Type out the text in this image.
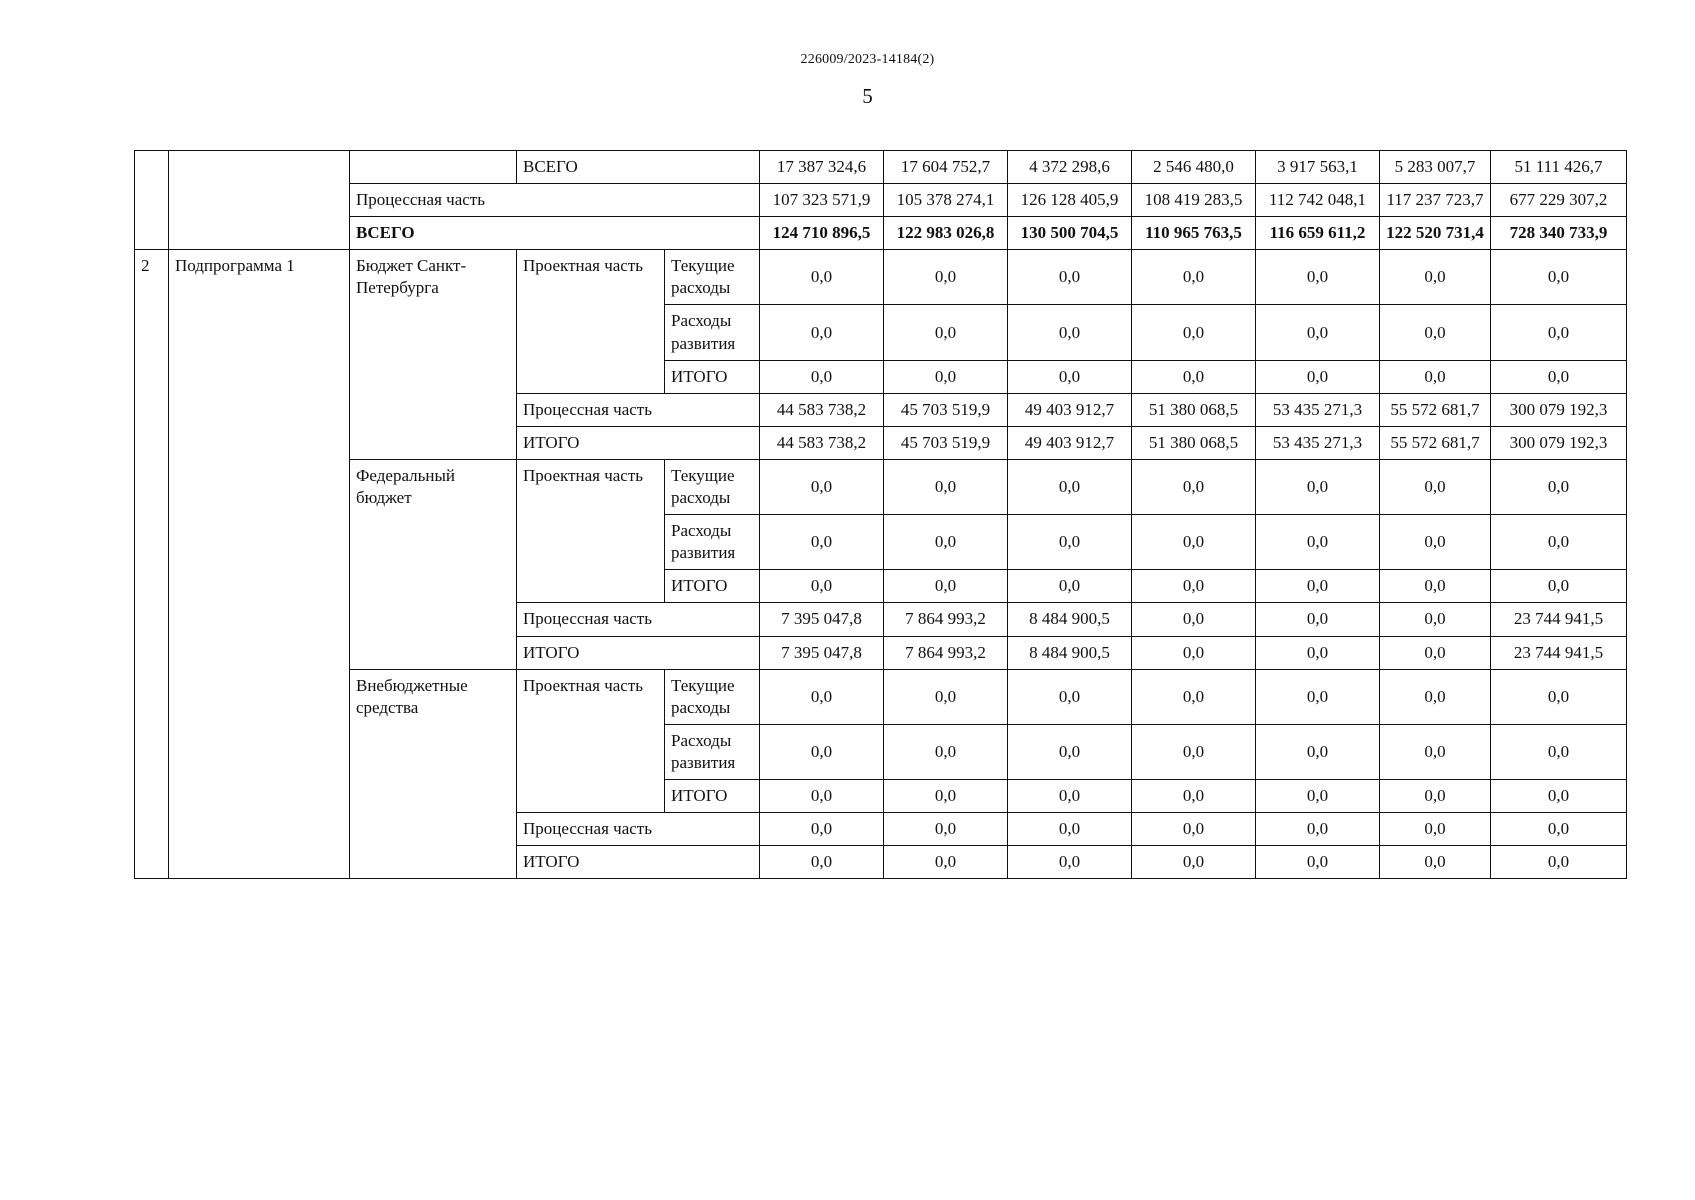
226009/2023-14184(2)
5
			ВСЕГО		17 387 324,6	17 604 752,7	4 372 298,6	2 546 480,0	3 917 563,1	5 283 007,7	51 111 426,7
		Процессная часть			107 323 571,9	105 378 274,1	126 128 405,9	108 419 283,5	112 742 048,1	117 237 723,7	677 229 307,2
		ВСЕГО			124 710 896,5	122 983 026,8	130 500 704,5	110 965 763,5	116 659 611,2	122 520 731,4	728 340 733,9
2	Подпрограмма 1	Бюджет Санкт-Петербурга	Проектная часть	Текущие расходы	0,0	0,0	0,0	0,0	0,0	0,0	0,0
				Расходы развития	0,0	0,0	0,0	0,0	0,0	0,0	0,0
				ИТОГО	0,0	0,0	0,0	0,0	0,0	0,0	0,0
			Процессная часть		44 583 738,2	45 703 519,9	49 403 912,7	51 380 068,5	53 435 271,3	55 572 681,7	300 079 192,3
			ИТОГО		44 583 738,2	45 703 519,9	49 403 912,7	51 380 068,5	53 435 271,3	55 572 681,7	300 079 192,3
		Федеральный бюджет	Проектная часть	Текущие расходы	0,0	0,0	0,0	0,0	0,0	0,0	0,0
				Расходы развития	0,0	0,0	0,0	0,0	0,0	0,0	0,0
				ИТОГО	0,0	0,0	0,0	0,0	0,0	0,0	0,0
			Процессная часть		7 395 047,8	7 864 993,2	8 484 900,5	0,0	0,0	0,0	23 744 941,5
			ИТОГО		7 395 047,8	7 864 993,2	8 484 900,5	0,0	0,0	0,0	23 744 941,5
		Внебюджетные средства	Проектная часть	Текущие расходы	0,0	0,0	0,0	0,0	0,0	0,0	0,0
				Расходы развития	0,0	0,0	0,0	0,0	0,0	0,0	0,0
				ИТОГО	0,0	0,0	0,0	0,0	0,0	0,0	0,0
			Процессная часть		0,0	0,0	0,0	0,0	0,0	0,0	0,0
			ИТОГО		0,0	0,0	0,0	0,0	0,0	0,0	0,0
